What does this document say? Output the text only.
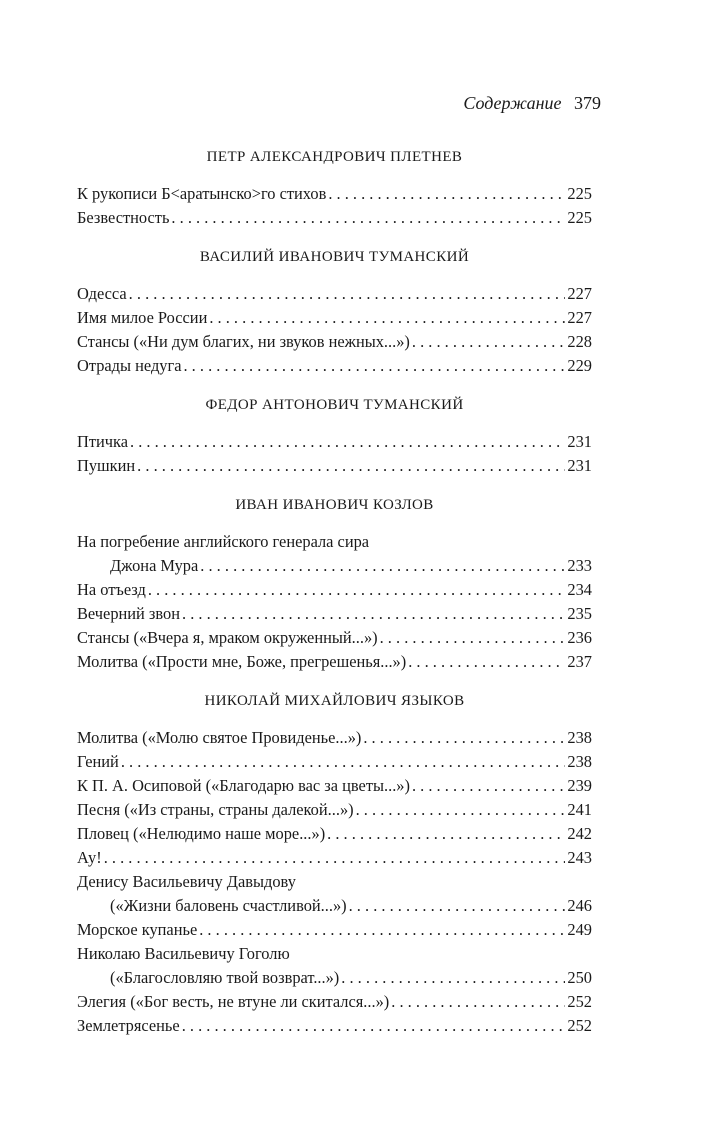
Содержание 379
ПЕТР АЛЕКСАНДРОВИЧ ПЛЕТНЕВ
К рукописи Б<аратынско>го стихов . . .	225
Безвестность . . .	225
ВАСИЛИЙ ИВАНОВИЧ ТУМАНСКИЙ
Одесса . . .	227
Имя милое России . . .	227
Стансы («Ни дум благих, ни звуков нежных...») . . .	228
Отрады недуга . . .	229
ФЕДОР АНТОНОВИЧ ТУМАНСКИЙ
Птичка . . .	231
Пушкин . . .	231
ИВАН ИВАНОВИЧ КОЗЛОВ
На погребение английского генерала сира
Джона Мура . . .	233
На отъезд . . .	234
Вечерний звон . . .	235
Стансы («Вчера я, мраком окруженный...») . . .	236
Молитва («Прости мне, Боже, прегрешенья...») . . .	237
НИКОЛАЙ МИХАЙЛОВИЧ ЯЗЫКОВ
Молитва («Молю святое Провиденье...») . . .	238
Гений . . .	238
К П. А. Осиповой («Благодарю вас за цветы...») . . .	239
Песня («Из страны, страны далекой...») . . .	241
Пловец («Нелюдимо наше море...») . . .	242
Ау! . . .	243
Денису Васильевичу Давыдову
(«Жизни баловень счастливой...») . . .	246
Морское купанье . . .	249
Николаю Васильевичу Гоголю
(«Благословляю твой возврат...») . . .	250
Элегия («Бог весть, не втуне ли скитался...») . . .	252
Землетрясенье . . .	252
